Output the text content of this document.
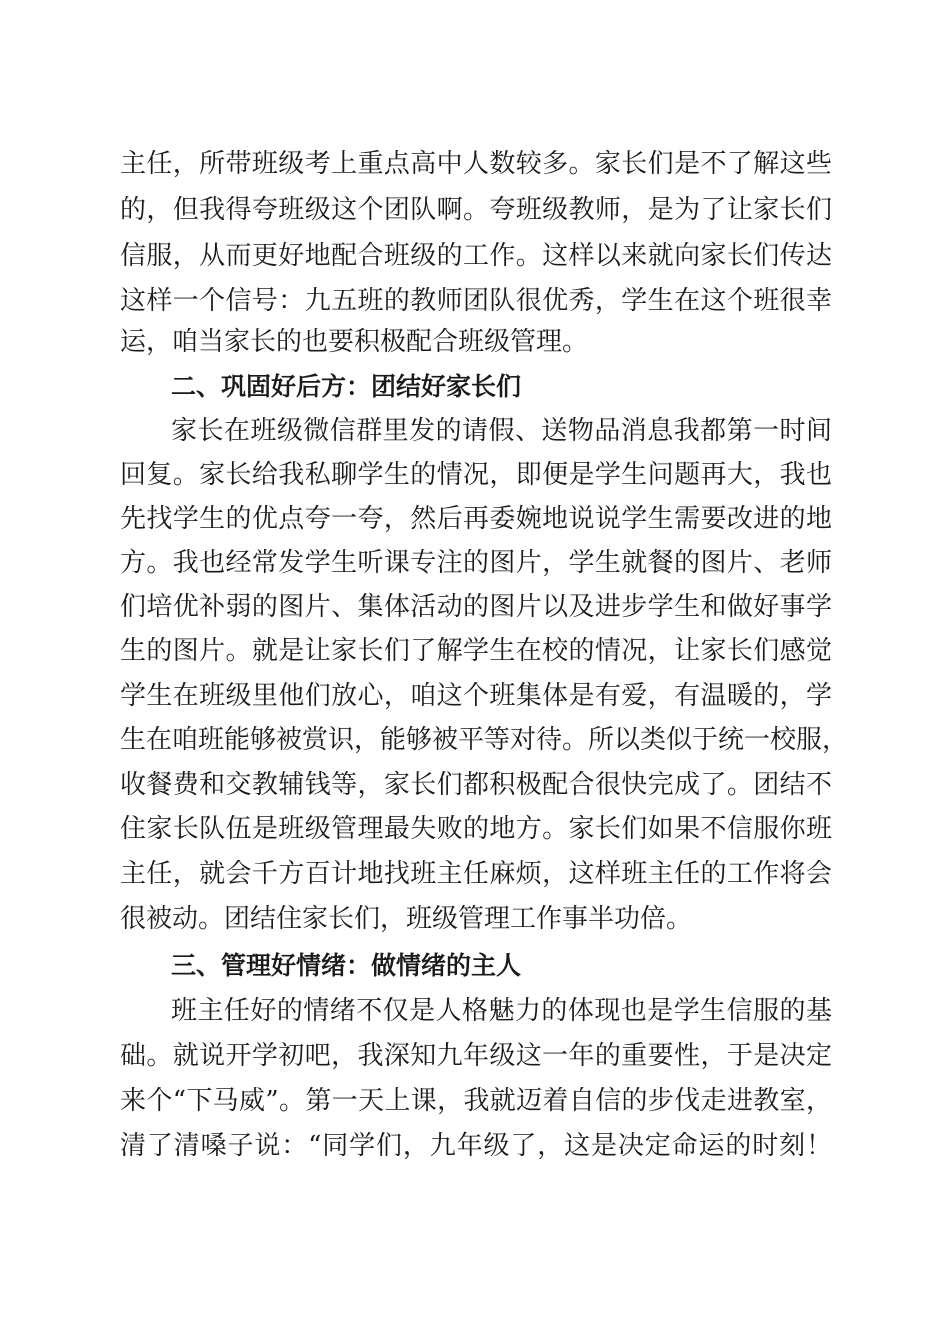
主任，所带班级考上重点高中人数较多。家长们是不了解这些
的，但我得夸班级这个团队啊。夸班级教师，是为了让家长们
信服，从而更好地配合班级的工作。这样以来就向家长们传达
这样一个信号：九五班的教师团队很优秀，学生在这个班很幸
运，咱当家长的也要积极配合班级管理。
二、巩固好后方：团结好家长们
家长在班级微信群里发的请假、送物品消息我都第一时间
回复。家长给我私聊学生的情况，即便是学生问题再大，我也
先找学生的优点夸一夸，然后再委婉地说说学生需要改进的地
方。我也经常发学生听课专注的图片，学生就餐的图片、老师
们培优补弱的图片、集体活动的图片以及进步学生和做好事学
生的图片。就是让家长们了解学生在校的情况，让家长们感觉
学生在班级里他们放心，咱这个班集体是有爱，有温暖的，学
生在咱班能够被赏识，能够被平等对待。所以类似于统一校服，
收餐费和交教辅钱等，家长们都积极配合很快完成了。团结不
住家长队伍是班级管理最失败的地方。家长们如果不信服你班
主任，就会千方百计地找班主任麻烦，这样班主任的工作将会
很被动。团结住家长们，班级管理工作事半功倍。
三、管理好情绪：做情绪的主人
班主任好的情绪不仅是人格魅力的体现也是学生信服的基
础。就说开学初吧，我深知九年级这一年的重要性，于是决定
来个“下马威”。第一天上课，我就迈着自信的步伐走进教室，
清了清嗓子说：“同学们，九年级了，这是决定命运的时刻！
